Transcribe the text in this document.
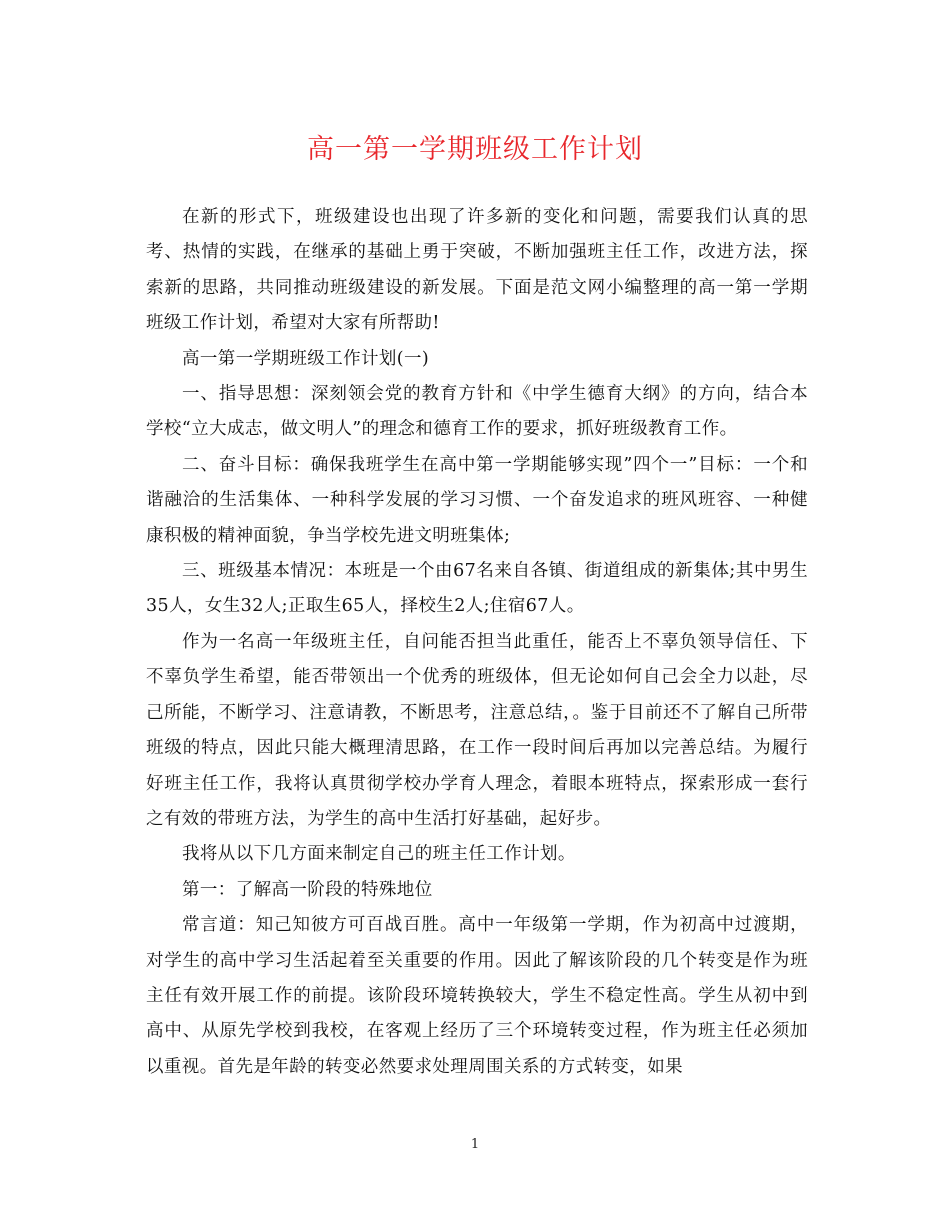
高一第一学期班级工作计划

在新的形式下，班级建设也出现了许多新的变化和问题，需要我们认真的思考、热情的实践，在继承的基础上勇于突破，不断加强班主任工作，改进方法，探索新的思路，共同推动班级建设的新发展。下面是范文网小编整理的高一第一学期班级工作计划，希望对大家有所帮助!

高一第一学期班级工作计划(一)

一、指导思想：深刻领会党的教育方针和《中学生德育大纲》的方向，结合本学校“立大成志，做文明人”的理念和德育工作的要求，抓好班级教育工作。

二、奋斗目标：确保我班学生在高中第一学期能够实现”四个一”目标：一个和谐融洽的生活集体、一种科学发展的学习习惯、一个奋发追求的班风班容、一种健康积极的精神面貌，争当学校先进文明班集体;

三、班级基本情况：本班是一个由67名来自各镇、街道组成的新集体;其中男生35人，女生32人;正取生65人，择校生2人;住宿67人。

作为一名高一年级班主任，自问能否担当此重任，能否上不辜负领导信任、下不辜负学生希望，能否带领出一个优秀的班级体，但无论如何自己会全力以赴，尽己所能，不断学习、注意请教，不断思考，注意总结，。鉴于目前还不了解自己所带班级的特点，因此只能大概理清思路，在工作一段时间后再加以完善总结。为履行好班主任工作，我将认真贯彻学校办学育人理念，着眼本班特点，探索形成一套行之有效的带班方法，为学生的高中生活打好基础，起好步。

我将从以下几方面来制定自己的班主任工作计划。

第一：了解高一阶段的特殊地位

常言道：知己知彼方可百战百胜。高中一年级第一学期，作为初高中过渡期，对学生的高中学习生活起着至关重要的作用。因此了解该阶段的几个转变是作为班主任有效开展工作的前提。该阶段环境转换较大，学生不稳定性高。学生从初中到高中、从原先学校到我校，在客观上经历了三个环境转变过程，作为班主任必须加以重视。首先是年龄的转变必然要求处理周围关系的方式转变，如果

1
